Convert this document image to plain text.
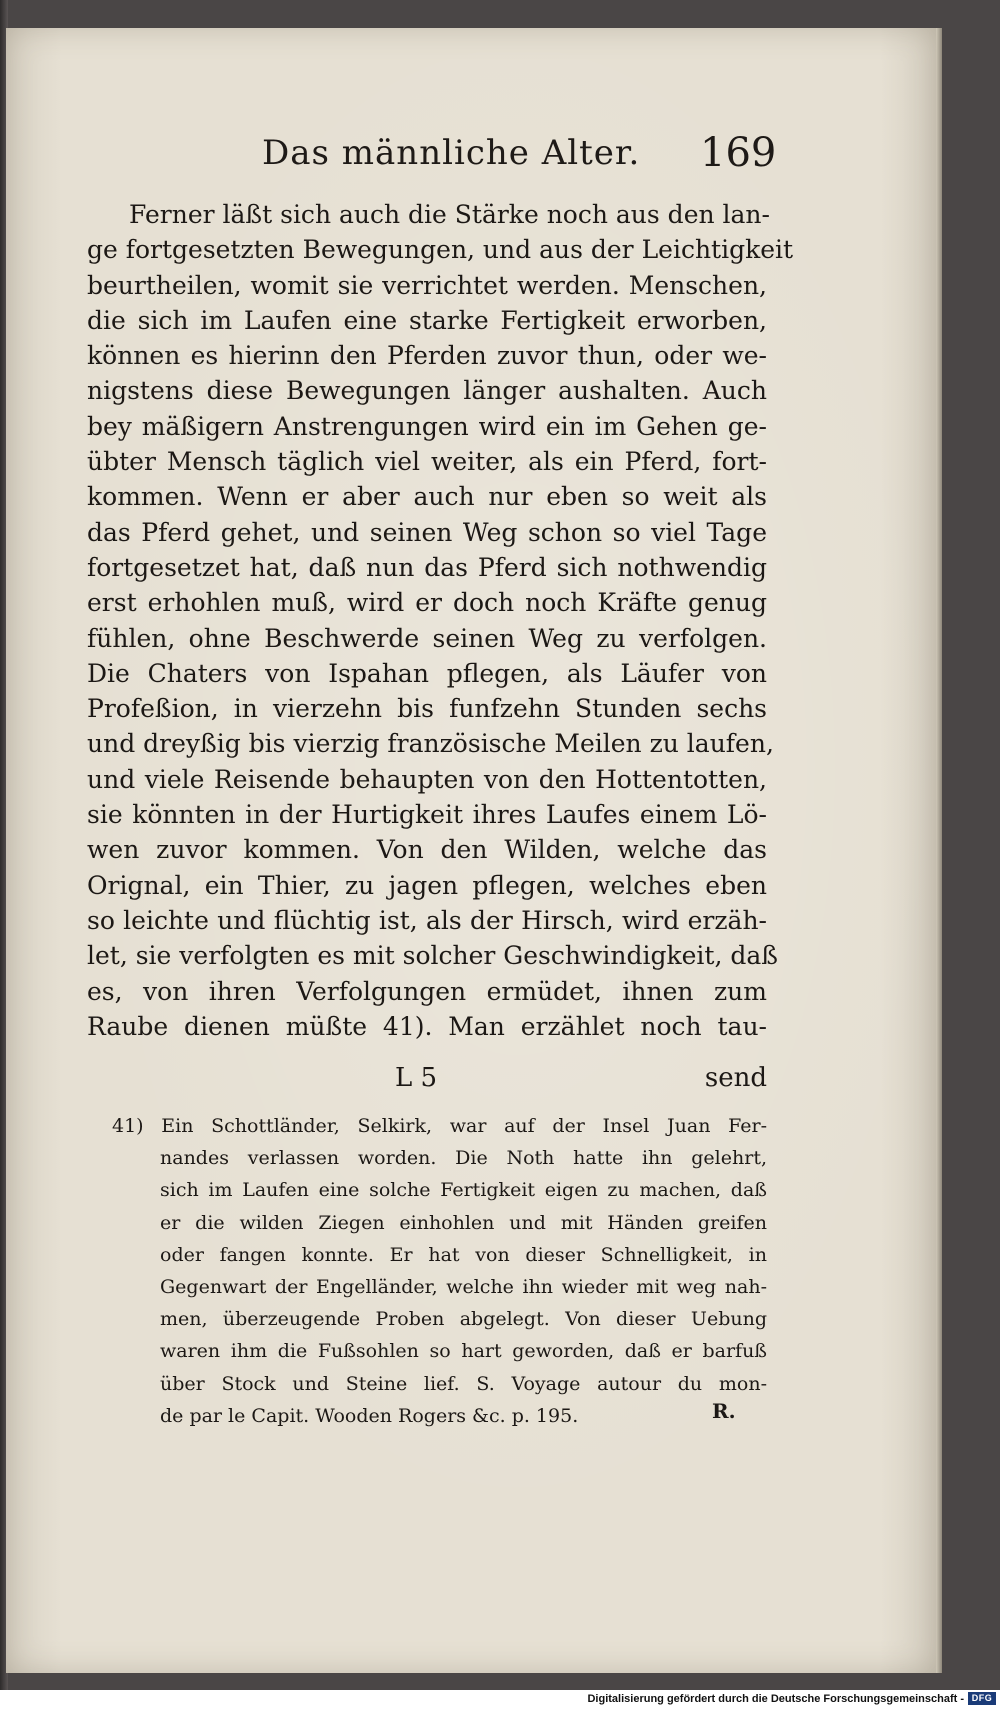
Das männliche Alter. 169
Ferner läßt sich auch die Stärke noch aus den lan-
ge fortgesetzten Bewegungen, und aus der Leichtigkeit
beurtheilen, womit sie verrichtet werden. Menschen,
die sich im Laufen eine starke Fertigkeit erworben,
können es hierinn den Pferden zuvor thun, oder we-
nigstens diese Bewegungen länger aushalten. Auch
bey mäßigern Anstrengungen wird ein im Gehen ge-
übter Mensch täglich viel weiter, als ein Pferd, fort-
kommen. Wenn er aber auch nur eben so weit als
das Pferd gehet, und seinen Weg schon so viel Tage
fortgesetzet hat, daß nun das Pferd sich nothwendig
erst erhohlen muß, wird er doch noch Kräfte genug
fühlen, ohne Beschwerde seinen Weg zu verfolgen.
Die Chaters von Ispahan pflegen, als Läufer von
Profeßion, in vierzehn bis funfzehn Stunden sechs
und dreyßig bis vierzig französische Meilen zu laufen,
und viele Reisende behaupten von den Hottentotten,
sie könnten in der Hurtigkeit ihres Laufes einem Lö-
wen zuvor kommen. Von den Wilden, welche das
Orignal, ein Thier, zu jagen pflegen, welches eben
so leichte und flüchtig ist, als der Hirsch, wird erzäh-
let, sie verfolgten es mit solcher Geschwindigkeit, daß
es, von ihren Verfolgungen ermüdet, ihnen zum
Raube dienen müßte 41). Man erzählet noch tau-
L 5	send
41) Ein Schottländer, Selkirk, war auf der Insel Juan Fer-
nandes verlassen worden. Die Noth hatte ihn gelehrt,
sich im Laufen eine solche Fertigkeit eigen zu machen, daß
er die wilden Ziegen einhohlen und mit Händen greifen
oder fangen konnte. Er hat von dieser Schnelligkeit, in
Gegenwart der Engelländer, welche ihn wieder mit weg nah-
men, überzeugende Proben abgelegt. Von dieser Uebung
waren ihm die Fußsohlen so hart geworden, daß er barfuß
über Stock und Steine lief. S. Voyage autour du mon-
de par le Capit. Wooden Rogers &c. p. 195.	R.
Digitalisierung gefördert durch die Deutsche Forschungsgemeinschaft - DFG
